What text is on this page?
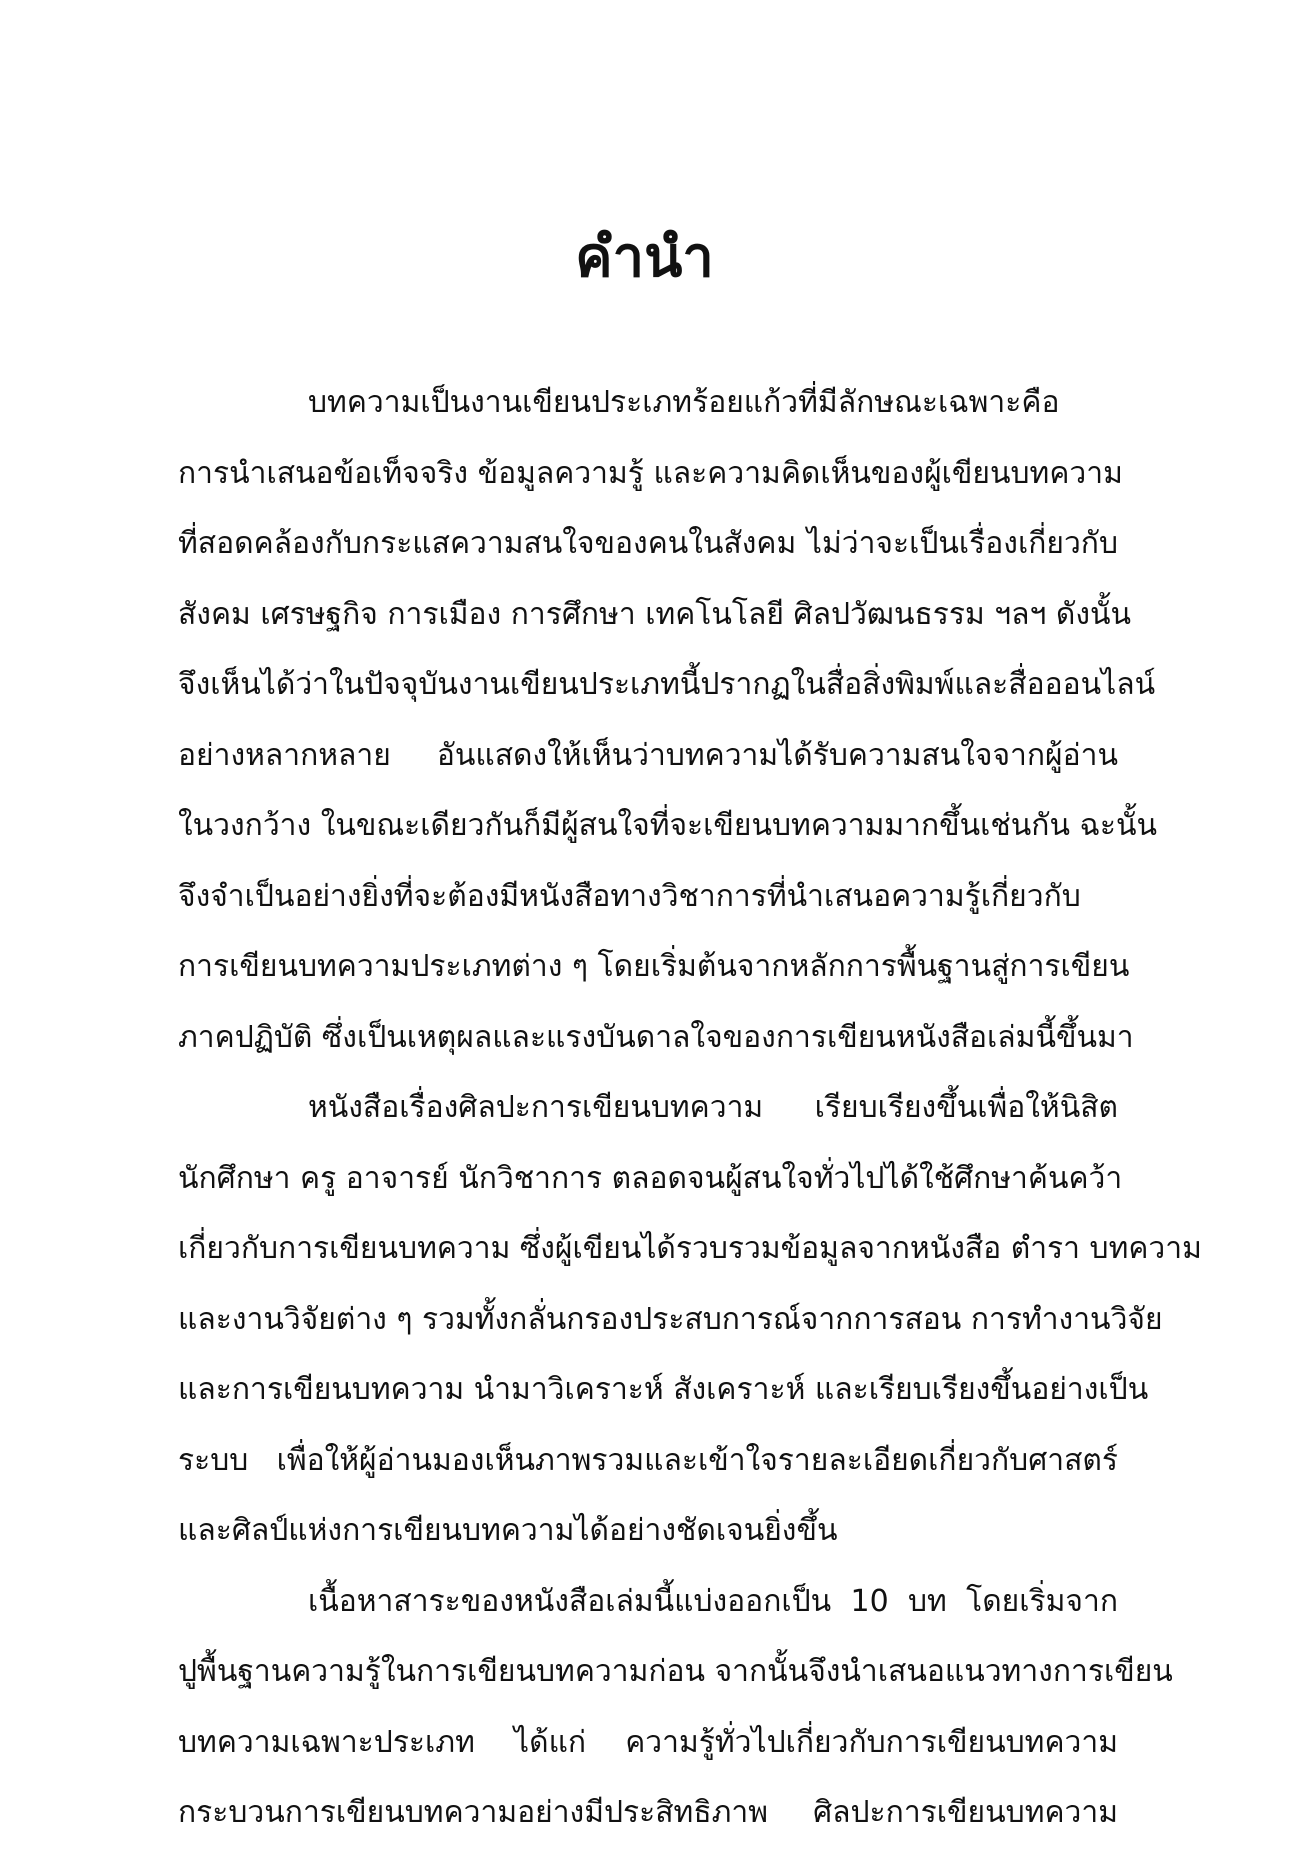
คำนำ
บทความเป็นงานเขียนประเภทร้อยแก้วที่มีลักษณะเฉพาะคือ
การนำเสนอข้อเท็จจริง ข้อมูลความรู้ และความคิดเห็นของผู้เขียนบทความ
ที่สอดคล้องกับกระแสความสนใจของคนในสังคม ไม่ว่าจะเป็นเรื่องเกี่ยวกับ
สังคม เศรษฐกิจ การเมือง การศึกษา เทคโนโลยี ศิลปวัฒนธรรม ฯลฯ ดังนั้น
จึงเห็นได้ว่าในปัจจุบันงานเขียนประเภทนี้ปรากฏในสื่อสิ่งพิมพ์และสื่อออนไลน์
อย่างหลากหลาย อันแสดงให้เห็นว่าบทความได้รับความสนใจจากผู้อ่าน
ในวงกว้าง ในขณะเดียวกันก็มีผู้สนใจที่จะเขียนบทความมากขึ้นเช่นกัน ฉะนั้น
จึงจำเป็นอย่างยิ่งที่จะต้องมีหนังสือทางวิชาการที่นำเสนอความรู้เกี่ยวกับ
การเขียนบทความประเภทต่าง ๆ โดยเริ่มต้นจากหลักการพื้นฐานสู่การเขียน
ภาคปฏิบัติ ซึ่งเป็นเหตุผลและแรงบันดาลใจของการเขียนหนังสือเล่มนี้ขึ้นมา
หนังสือเรื่องศิลปะการเขียนบทความ เรียบเรียงขึ้นเพื่อให้นิสิต
นักศึกษา ครู อาจารย์ นักวิชาการ ตลอดจนผู้สนใจทั่วไปได้ใช้ศึกษาค้นคว้า
เกี่ยวกับการเขียนบทความ ซึ่งผู้เขียนได้รวบรวมข้อมูลจากหนังสือ ตำรา บทความ
และงานวิจัยต่าง ๆ รวมทั้งกลั่นกรองประสบการณ์จากการสอน การทำงานวิจัย
และการเขียนบทความ นำมาวิเคราะห์ สังเคราะห์ และเรียบเรียงขึ้นอย่างเป็น
ระบบ เพื่อให้ผู้อ่านมองเห็นภาพรวมและเข้าใจรายละเอียดเกี่ยวกับศาสตร์
และศิลป์แห่งการเขียนบทความได้อย่างชัดเจนยิ่งขึ้น
เนื้อหาสาระของหนังสือเล่มนี้แบ่งออกเป็น 10 บท โดยเริ่มจาก
ปูพื้นฐานความรู้ในการเขียนบทความก่อน จากนั้นจึงนำเสนอแนวทางการเขียน
บทความเฉพาะประเภท ได้แก่ ความรู้ทั่วไปเกี่ยวกับการเขียนบทความ
กระบวนการเขียนบทความอย่างมีประสิทธิภาพ ศิลปะการเขียนบทความ
